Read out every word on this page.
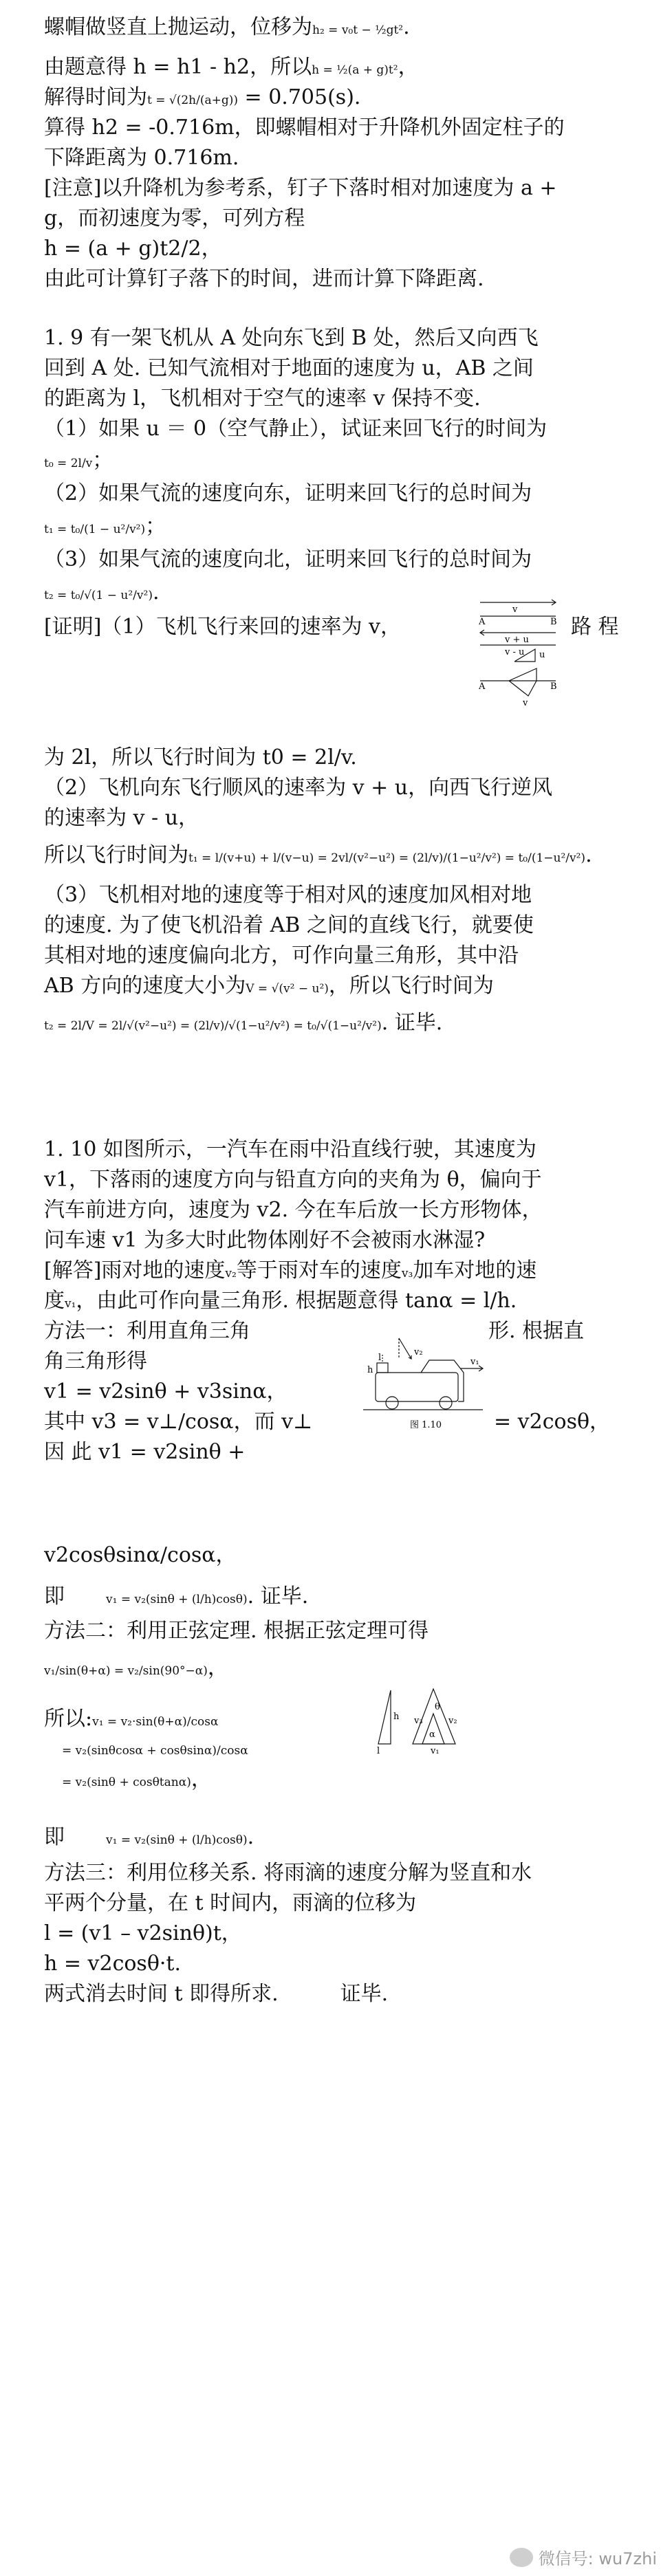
螺帽做竖直上抛运动，位移为h₂ = v₀t − ½gt².
由题意得 h = h1 - h2，所以h = ½(a + g)t²，
解得时间为t = √(2h/(a+g)) = 0.705(s).
算得 h2 = -0.716m，即螺帽相对于升降机外固定柱子的
下降距离为 0.716m.
[注意]以升降机为参考系，钉子下落时相对加速度为 a +
g，而初速度为零，可列方程
h = (a + g)t2/2，
由此可计算钉子落下的时间，进而计算下降距离.
1. 9 有一架飞机从 A 处向东飞到 B 处，然后又向西飞
回到 A 处. 已知气流相对于地面的速度为 u，AB 之间
的距离为 l，飞机相对于空气的速率 v 保持不变.
（1）如果 u ＝ 0（空气静止），试证来回飞行的时间为
t₀ = 2l/v；
（2）如果气流的速度向东，证明来回飞行的总时间为
t₁ = t₀/(1 − u²/v²)；
（3）如果气流的速度向北，证明来回飞行的总时间为
t₂ = t₀/√(1 − u²/v²).
[证明]（1）飞机飞行来回的速率为 v，	路 程
A	B
v
v + u
v - u u
A	B
v
为 2l，所以飞行时间为 t0 = 2l/v.
（2）飞机向东飞行顺风的速率为 v + u，向西飞行逆风
的速率为 v - u，
所以飞行时间为t₁ = l/(v+u) + l/(v−u) = 2vl/(v²−u²) = (2l/v)/(1−u²/v²) = t₀/(1−u²/v²).
（3）飞机相对地的速度等于相对风的速度加风相对地
的速度. 为了使飞机沿着 AB 之间的直线飞行，就要使
其相对地的速度偏向北方，可作向量三角形，其中沿
AB 方向的速度大小为V = √(v² − u²)，所以飞行时间为
t₂ = 2l/V = 2l/√(v²−u²) = (2l/v)/√(1−u²/v²) = t₀/√(1−u²/v²). 证毕.
1. 10 如图所示，一汽车在雨中沿直线行驶，其速度为
v1，下落雨的速度方向与铅直方向的夹角为 θ，偏向于
汽车前进方向，速度为 v2. 今在车后放一长方形物体，
问车速 v1 为多大时此物体刚好不会被雨水淋湿?
[解答]雨对地的速度v₂等于雨对车的速度v₃加车对地的速
度v₁，由此可作向量三角形. 根据题意得 tanα = l/h.
方法一：利用直角三角	形. 根据直
角三角形得
v1 = v2sinθ + v3sinα，
其中 v3 = v⊥/cosα，而 v⊥	= v2cosθ，
因 此 v1 = v2sinθ +
h
l
v₂
v₁
图 1.10
v2cosθsinα/cosα，
即	v₁ = v₂(sinθ + (l/h)cosθ). 证毕.
方法二：利用正弦定理. 根据正弦定理可得
v₁/sin(θ+α) = v₂/sin(90°−α)，
所以:v₁ = v₂·sin(θ+α)/cosα
= v₂(sinθcosα + cosθsinα)/cosα
= v₂(sinθ + cosθtanα)，
h
l
θ
α
v₃	v₂
v₁
即	v₁ = v₂(sinθ + (l/h)cosθ).
方法三：利用位移关系. 将雨滴的速度分解为竖直和水
平两个分量，在 t 时间内，雨滴的位移为
l = (v1 – v2sinθ)t，
h = v2cosθ·t.
两式消去时间 t 即得所求.	证毕.
微信号: wu7zhi
